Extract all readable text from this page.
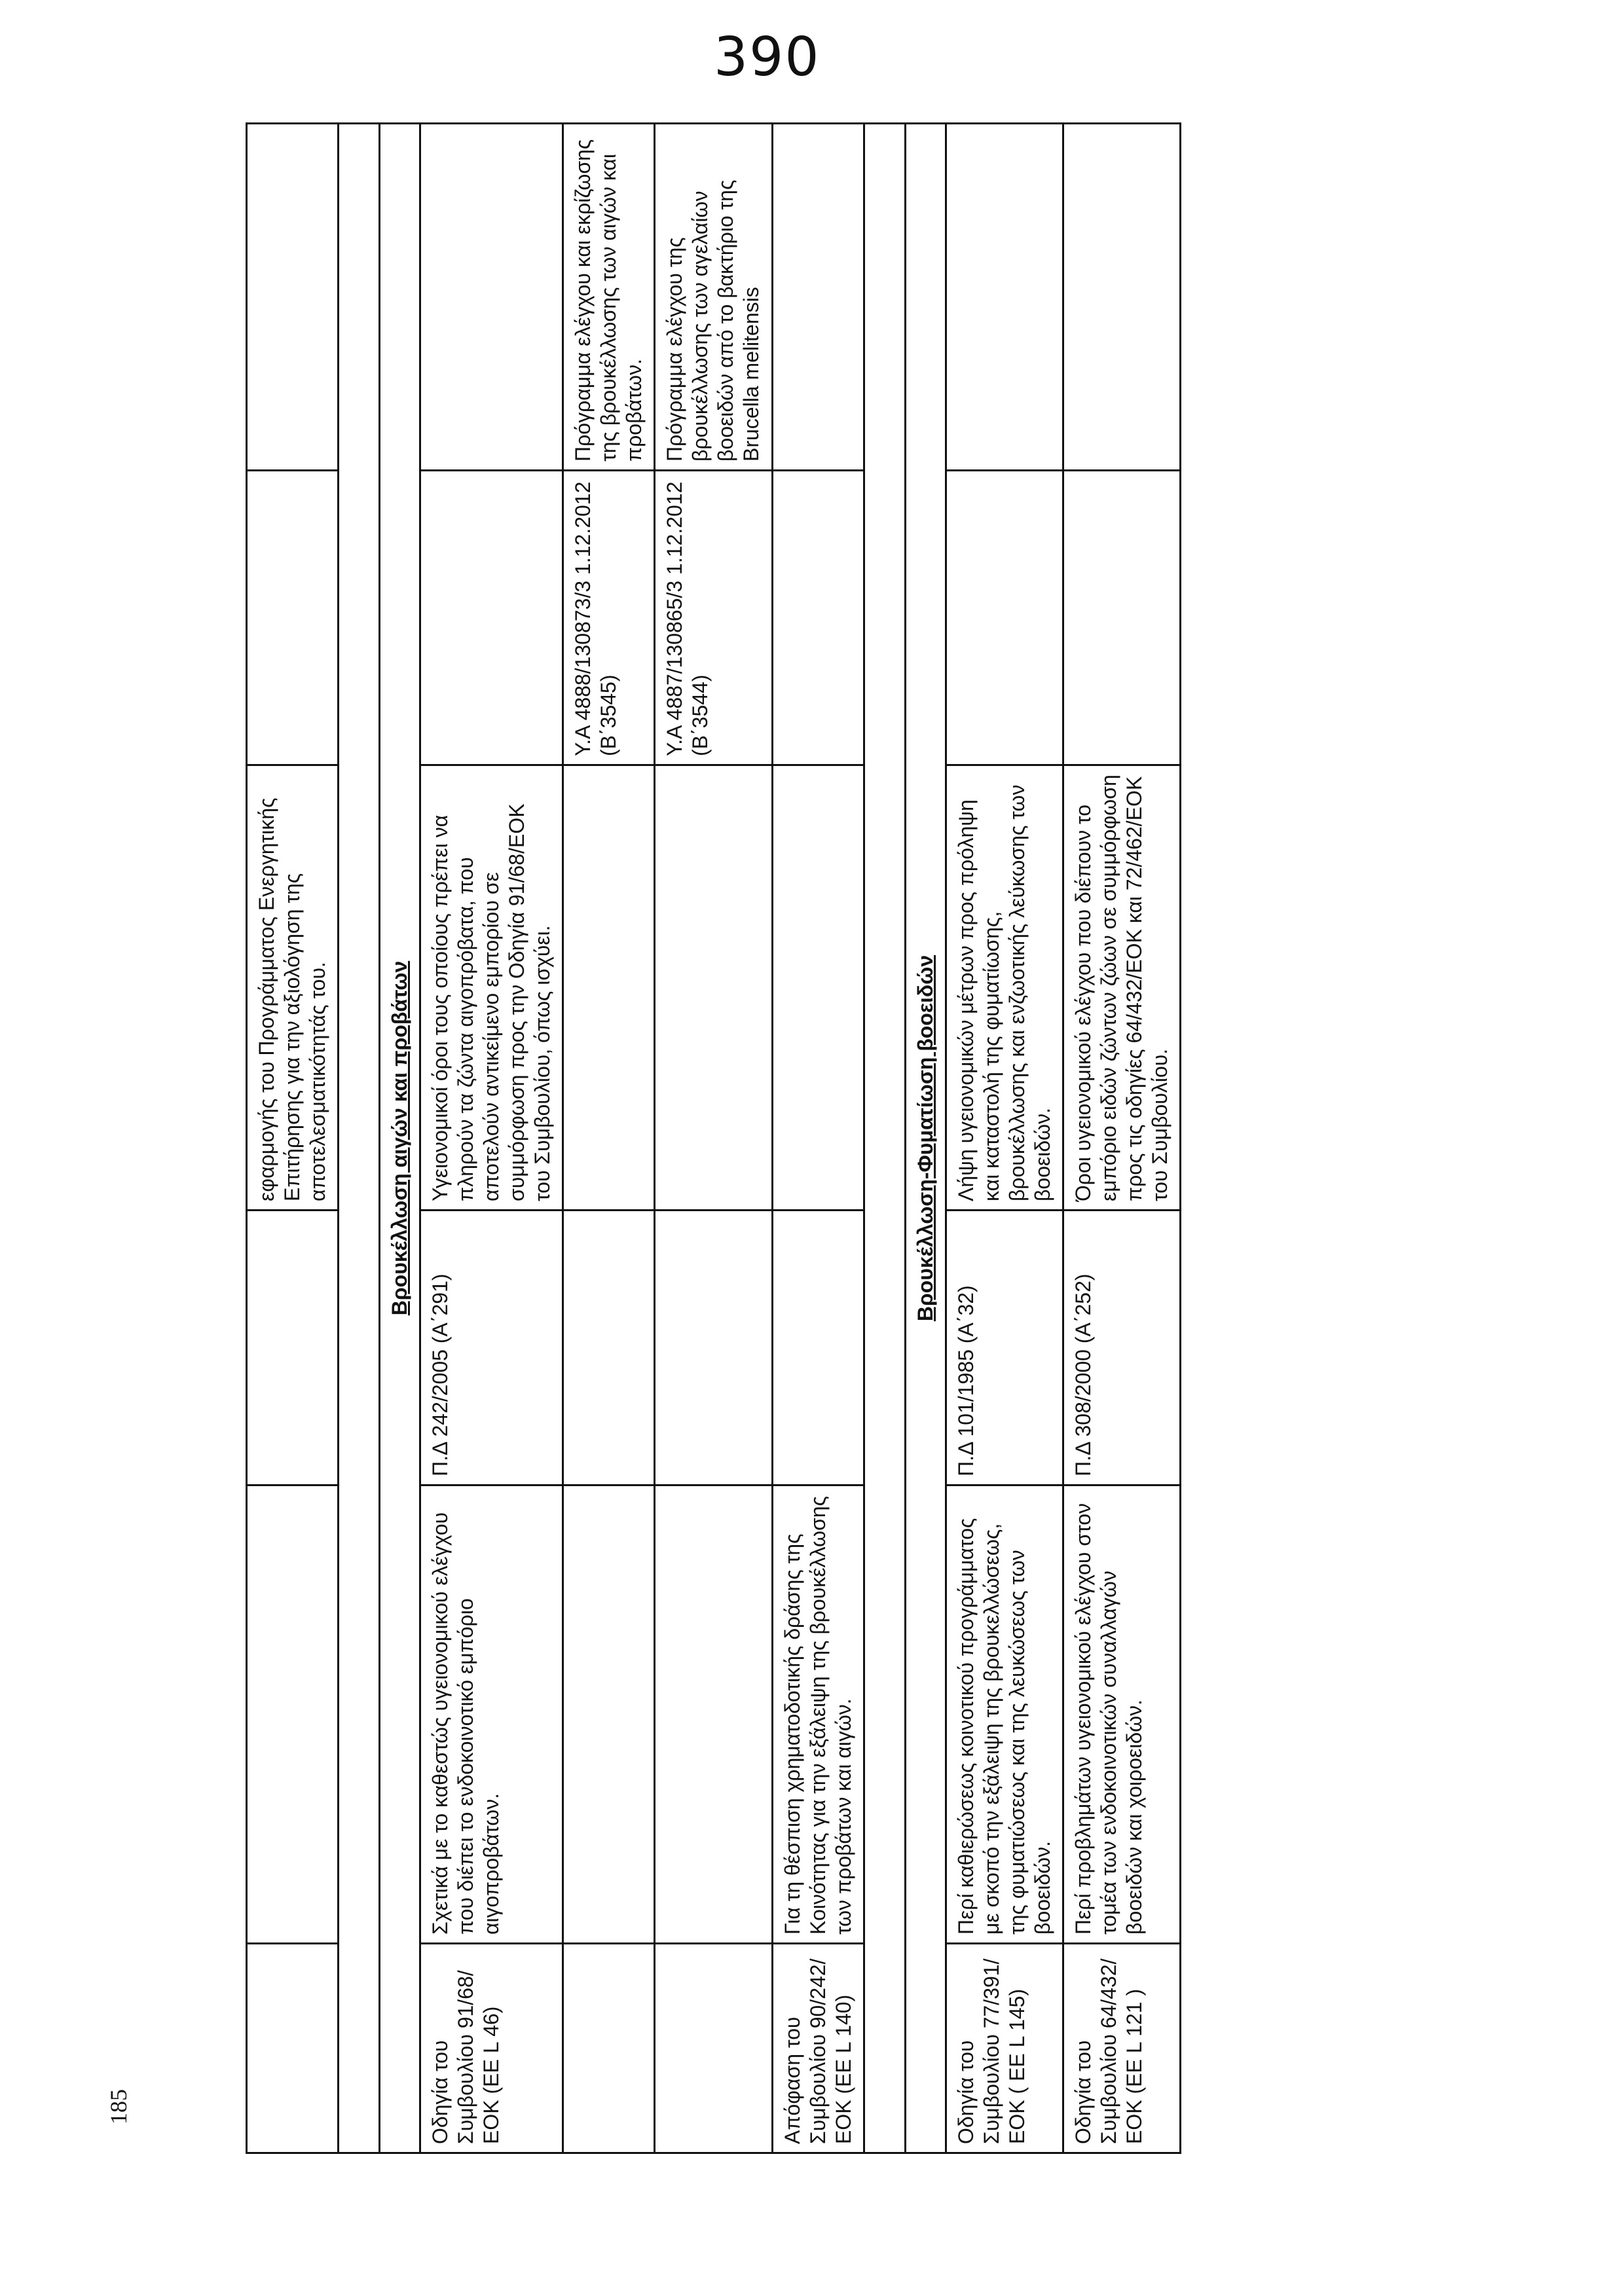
390
			εφαρμογής του Προγράμματος Ενεργητικής Επιτήρησης για την αξιολόγηση της αποτελεσματικότητάς του.		

Βρουκέλλωση αιγών και προβάτων					
Οδηγία του Συμβουλίου 91/68/ΕΟΚ (ΕΕ L 46)	Σχετικά με το καθεστώς υγειονομικού ελέγχου που διέπει το ενδοκοινοτικό εμπόριο αιγοπροβάτων.	Π.Δ 242/2005 (Α΄291)	Υγειονομικοί όροι τους οποίους πρέπει να πληρούν τα ζώντα αιγοπρόβατα, που αποτελούν αντικείμενο εμπορίου σε συμμόρφωση προς την Οδηγία 91/68/ΕΟΚ του Συμβουλίου, όπως ισχύει.		
				Υ.Α 4888/130873/3 1.12.2012 (Β΄3545)	Πρόγραμμα ελέγχου και εκρίζωσης της βρουκέλλωσης των αιγών και προβάτων.
				Υ.Α 4887/130865/3 1.12.2012 (Β΄3544)	Πρόγραμμα ελέγχου της βρουκέλλωσης των αγελαίων βοοειδών από το βακτήριο της Brucella melitensis
Απόφαση του Συμβουλίου 90/242/ΕΟΚ (ΕΕ L 140)	Για τη θέσπιση χρηματοδοτικής δράσης της Κοινότητας για την εξάλειψη της βρουκέλλωσης των προβάτων και αιγών.				

Βρουκέλλωση-Φυματίωση βοοειδών					
Οδηγία του Συμβουλίου 77/391/ΕΟΚ ( ΕΕ L 145)	Περί καθιερώσεως κοινοτικού προγράμματος με σκοπό την εξάλειψη της βρουκελλώσεως, της φυματιώσεως και της λευκώσεως των βοοειδών.	Π.Δ 101/1985 (Α΄32)	Λήψη υγειονομικών μέτρων προς πρόληψη και καταστολή της φυματίωσης, βρουκέλλωσης και ενζωοτικής λεύκωσης των βοοειδών.		
Οδηγία του Συμβουλίου 64/432/ΕΟΚ (ΕΕ L 121 )	Περί προβλημάτων υγειονομικού ελέγχου στον τομέα των ενδοκοινοτικών συναλλαγών βοοειδών και χοιροειδών.	Π.Δ 308/2000 (Α΄252)	Όροι υγειονομικού ελέγχου που διέπουν το εμπόριο ειδών ζώντων ζώων σε συμμόρφωση προς τις οδηγίες 64/432/ΕΟΚ και 72/462/ΕΟΚ του Συμβουλίου.		
185
